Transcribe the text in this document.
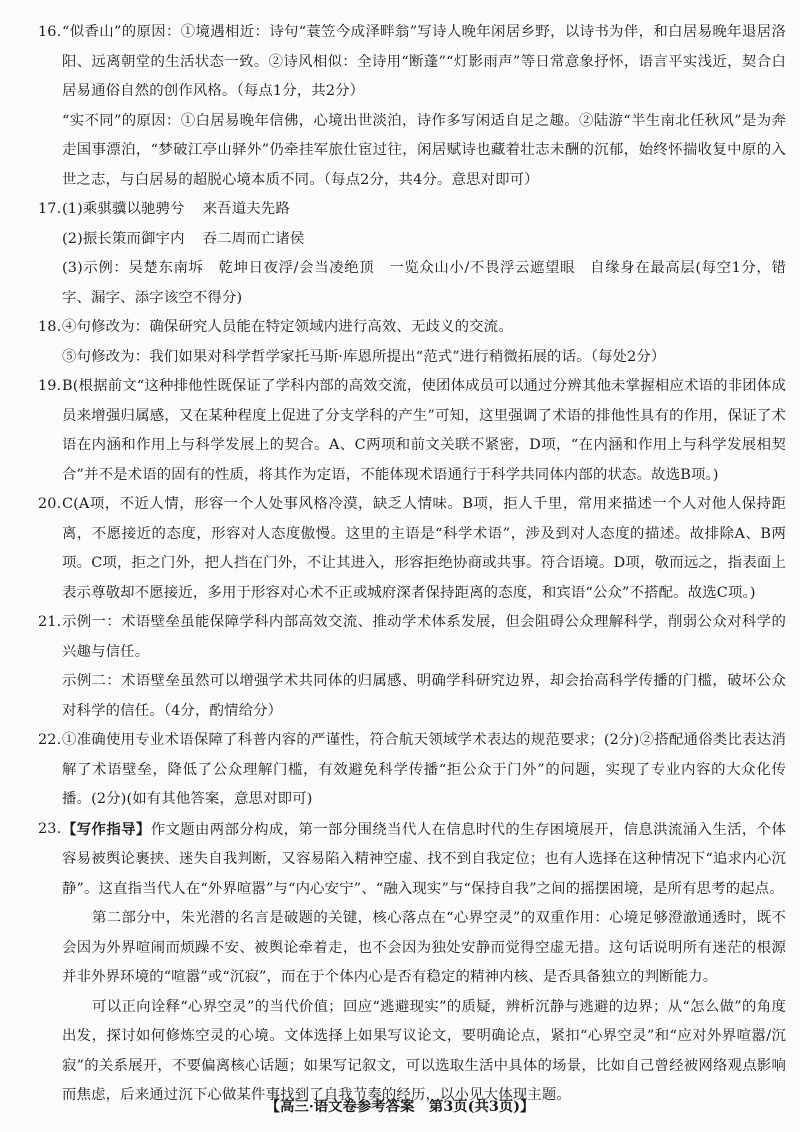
16. “似香山”的原因：①境遇相近：诗句“蓑笠今成泽畔翁”写诗人晚年闲居乡野，以诗书为伴，和白居易晚年退居洛阳、远离朝堂的生活状态一致。②诗风相似：全诗用“断蓬”“灯影雨声”等日常意象抒怀，语言平实浅近，契合白居易通俗自然的创作风格。（每点1分，共2分）
“实不同”的原因：①白居易晚年信佛，心境出世淡泊，诗作多写闲适自足之趣。②陆游“半生南北任秋风”是为奔走国事漂泊，“梦破江亭山驿外”仍牵挂军旅仕宦过往，闲居赋诗也藏着壮志未酬的沉郁，始终怀揣收复中原的入世之志，与白居易的超脱心境本质不同。（每点2分，共4分。意思对即可）
17. (1)乘骐骥以驰骋兮 来吾道夫先路
(2)振长策而御宇内 吞二周而亡诸侯
(3)示例：吴楚东南坼　乾坤日夜浮/会当凌绝顶　一览众山小/不畏浮云遮望眼　自缘身在最高层(每空1分，错字、漏字、添字该空不得分)
18. ④句修改为：确保研究人员能在特定领域内进行高效、无歧义的交流。
⑤句修改为：我们如果对科学哲学家托马斯·库恩所提出“范式”进行稍微拓展的话。（每处2分）
19. B(根据前文“这种排他性既保证了学科内部的高效交流，使团体成员可以通过分辨其他未掌握相应术语的非团体成员来增强归属感，又在某种程度上促进了分支学科的产生”可知，这里强调了术语的排他性具有的作用，保证了术语在内涵和作用上与科学发展上的契合。A、C两项和前文关联不紧密，D项，“在内涵和作用上与科学发展相契合”并不是术语的固有的性质，将其作为定语，不能体现术语通行于科学共同体内部的状态。故选B项。)
20. C(A项，不近人情，形容一个人处事风格冷漠，缺乏人情味。B项，拒人千里，常用来描述一个人对他人保持距离，不愿接近的态度，形容对人态度傲慢。这里的主语是“科学术语”，涉及到对人态度的描述。故排除A、B两项。C项，拒之门外，把人挡在门外，不让其进入，形容拒绝协商或共事。符合语境。D项，敬而远之，指表面上表示尊敬却不愿接近，多用于形容对心术不正或城府深者保持距离的态度，和宾语“公众”不搭配。故选C项。)
21. 示例一：术语壁垒虽能保障学科内部高效交流、推动学术体系发展，但会阻碍公众理解科学，削弱公众对科学的兴趣与信任。
示例二：术语壁垒虽然可以增强学术共同体的归属感、明确学科研究边界，却会抬高科学传播的门槛，破坏公众对科学的信任。（4分，酌情给分）
22. ①准确使用专业术语保障了科普内容的严谨性，符合航天领域学术表达的规范要求；(2分)②搭配通俗类比表达消解了术语壁垒，降低了公众理解门槛，有效避免科学传播“拒公众于门外”的问题，实现了专业内容的大众化传播。(2分)(如有其他答案，意思对即可)
23. 【写作指导】作文题由两部分构成，第一部分围绕当代人在信息时代的生存困境展开，信息洪流涌入生活，个体容易被舆论裹挟、迷失自我判断，又容易陷入精神空虚、找不到自我定位；也有人选择在这种情况下“追求内心沉静”。这直指当代人在“外界喧嚣”与“内心安宁”、“融入现实”与“保持自我”之间的摇摆困境，是所有思考的起点。
第二部分中，朱光潜的名言是破题的关键，核心落点在“心界空灵”的双重作用：心境足够澄澈通透时，既不会因为外界喧闹而烦躁不安、被舆论牵着走，也不会因为独处安静而觉得空虚无措。这句话说明所有迷茫的根源并非外界环境的“喧嚣”或“沉寂”，而在于个体内心是否有稳定的精神内核、是否具备独立的判断能力。
可以正向诠释“心界空灵”的当代价值；回应“逃避现实”的质疑，辨析沉静与逃避的边界；从“怎么做”的角度出发，探讨如何修炼空灵的心境。文体选择上如果写议论文，要明确论点，紧扣“心界空灵”和“应对外界喧嚣/沉寂”的关系展开，不要偏离核心话题；如果写记叙文，可以选取生活中具体的场景，比如自己曾经被网络观点影响而焦虑，后来通过沉下心做某件事找到了自我节奏的经历，以小见大体现主题。
【高三·语文卷参考答案　第3页(共3页)】
